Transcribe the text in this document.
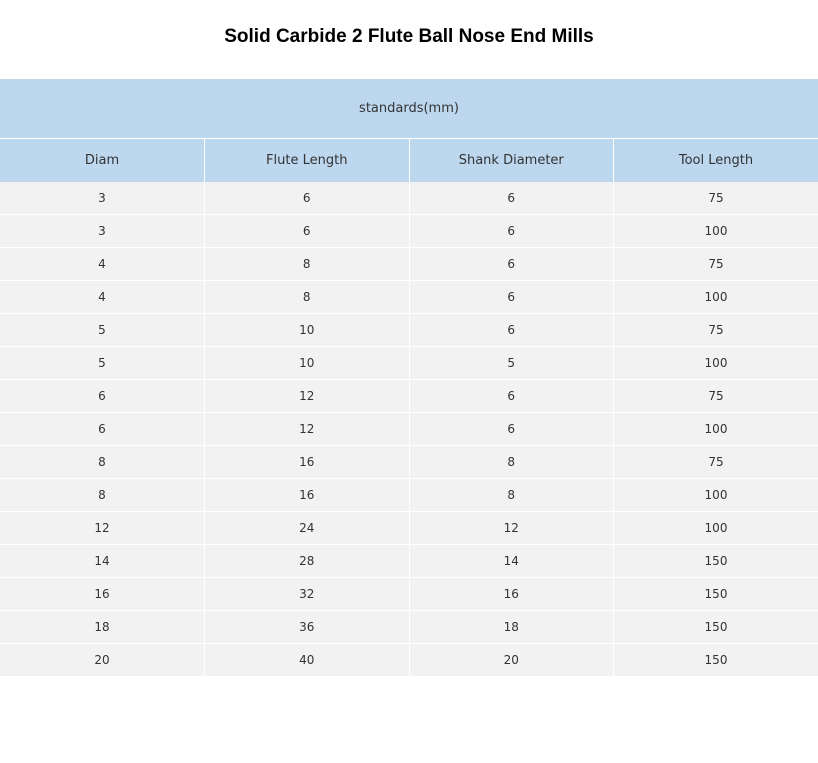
Solid Carbide 2 Flute Ball Nose End Mills
standards(mm)			
Diam	Flute Length	Shank Diameter	Tool Length
3	6	6	75
3	6	6	100
4	8	6	75
4	8	6	100
5	10	6	75
5	10	5	100
6	12	6	75
6	12	6	100
8	16	8	75
8	16	8	100
12	24	12	100
14	28	14	150
16	32	16	150
18	36	18	150
20	40	20	150
